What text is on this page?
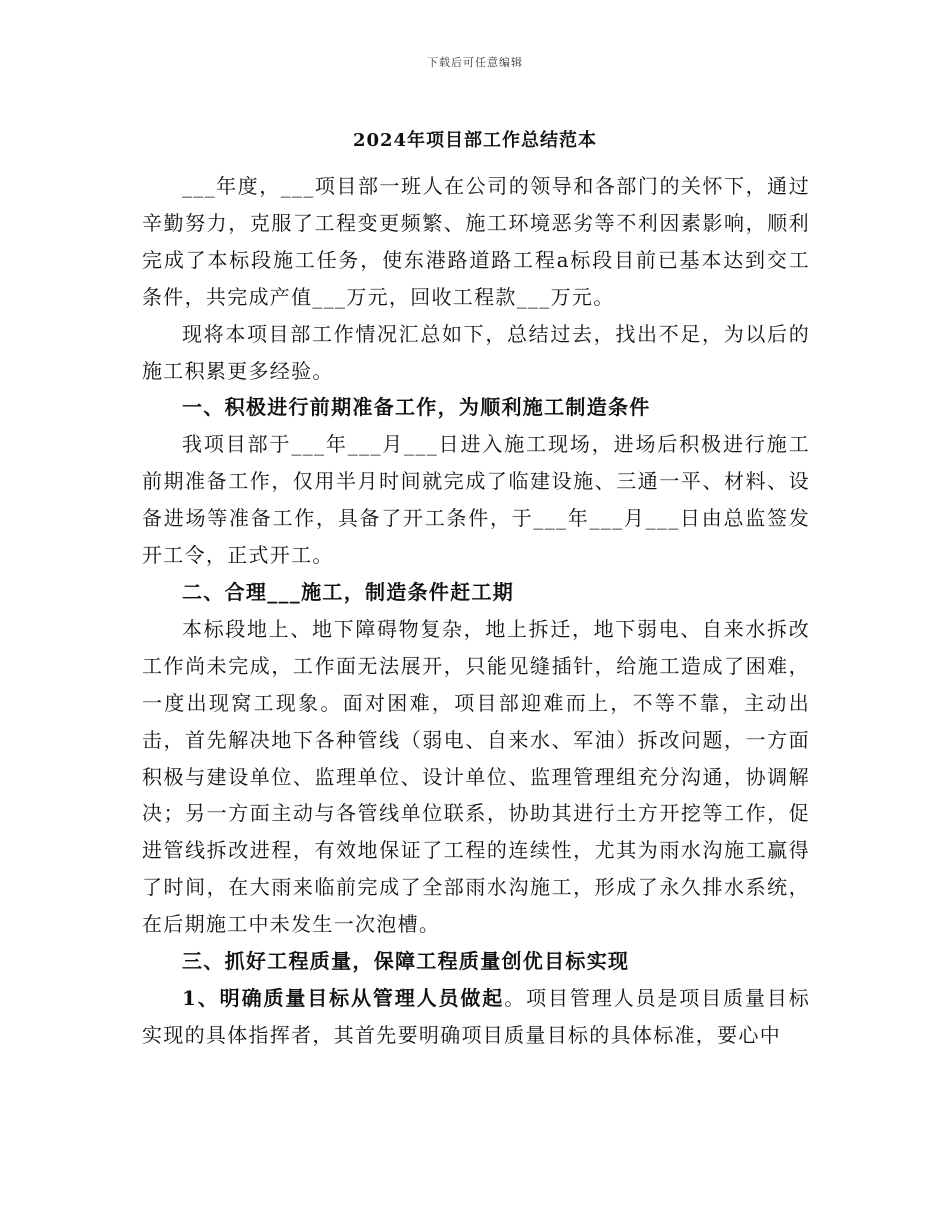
下载后可任意编辑
2024年项目部工作总结范本

___年度，___项目部一班人在公司的领导和各部门的关怀下，通过辛勤努力，克服了工程变更频繁、施工环境恶劣等不利因素影响，顺利完成了本标段施工任务，使东港路道路工程a标段目前已基本达到交工条件，共完成产值___万元，回收工程款___万元。

现将本项目部工作情况汇总如下，总结过去，找出不足，为以后的施工积累更多经验。

一、积极进行前期准备工作，为顺利施工制造条件

我项目部于___年___月___日进入施工现场，进场后积极进行施工前期准备工作，仅用半月时间就完成了临建设施、三通一平、材料、设备进场等准备工作，具备了开工条件，于___年___月___日由总监签发开工令，正式开工。

二、合理___施工，制造条件赶工期

本标段地上、地下障碍物复杂，地上拆迁，地下弱电、自来水拆改工作尚未完成，工作面无法展开，只能见缝插针，给施工造成了困难，一度出现窝工现象。面对困难，项目部迎难而上，不等不靠，主动出击，首先解决地下各种管线（弱电、自来水、军油）拆改问题，一方面积极与建设单位、监理单位、设计单位、监理管理组充分沟通，协调解决；另一方面主动与各管线单位联系，协助其进行土方开挖等工作，促进管线拆改进程，有效地保证了工程的连续性，尤其为雨水沟施工赢得了时间，在大雨来临前完成了全部雨水沟施工，形成了永久排水系统，在后期施工中未发生一次泡槽。

三、抓好工程质量，保障工程质量创优目标实现

1、明确质量目标从管理人员做起。项目管理人员是项目质量目标实现的具体指挥者，其首先要明确项目质量目标的具体标准，要心中
